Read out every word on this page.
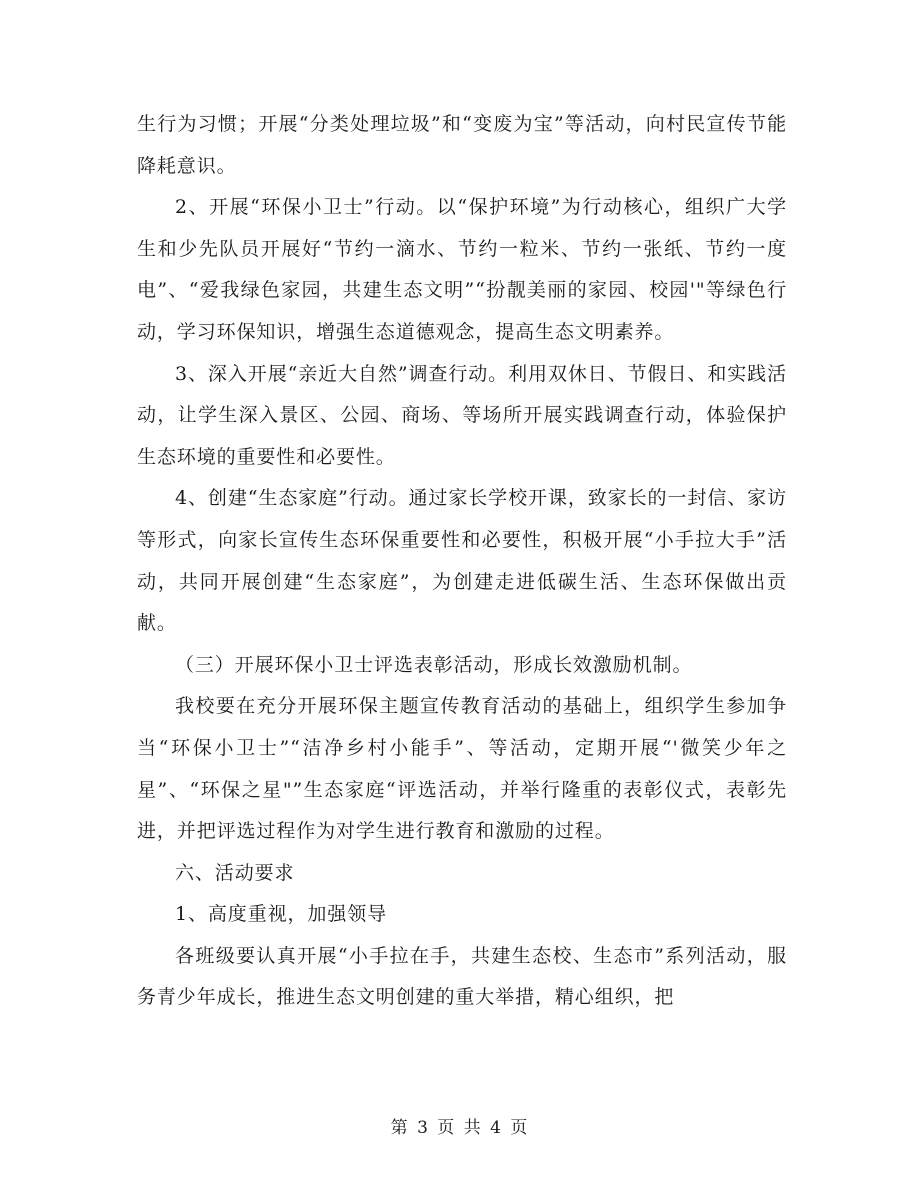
生行为习惯；开展“分类处理垃圾”和“变废为宝”等活动，向村民宣传节能降耗意识。

2、开展“环保小卫士”行动。以“保护环境”为行动核心，组织广大学生和少先队员开展好“节约一滴水、节约一粒米、节约一张纸、节约一度电”、“爱我绿色家园，共建生态文明”“扮靓美丽的家园、校园'"等绿色行动，学习环保知识，增强生态道德观念，提高生态文明素养。

3、深入开展“亲近大自然”调查行动。利用双休日、节假日、和实践活动，让学生深入景区、公园、商场、等场所开展实践调查行动，体验保护生态环境的重要性和必要性。

4、创建“生态家庭”行动。通过家长学校开课，致家长的一封信、家访等形式，向家长宣传生态环保重要性和必要性，积极开展“小手拉大手”活动，共同开展创建“生态家庭”，为创建走进低碳生活、生态环保做出贡献。

（三）开展环保小卫士评选表彰活动，形成长效激励机制。

我校要在充分开展环保主题宣传教育活动的基础上，组织学生参加争当“环保小卫士”“洁净乡村小能手”、等活动，定期开展“'微笑少年之星”、“环保之星"”生态家庭“评选活动，并举行隆重的表彰仪式，表彰先进，并把评选过程作为对学生进行教育和激励的过程。

六、活动要求

1、高度重视，加强领导

各班级要认真开展“小手拉在手，共建生态校、生态市”系列活动，服务青少年成长，推进生态文明创建的重大举措，精心组织，把

第 3 页 共 4 页
